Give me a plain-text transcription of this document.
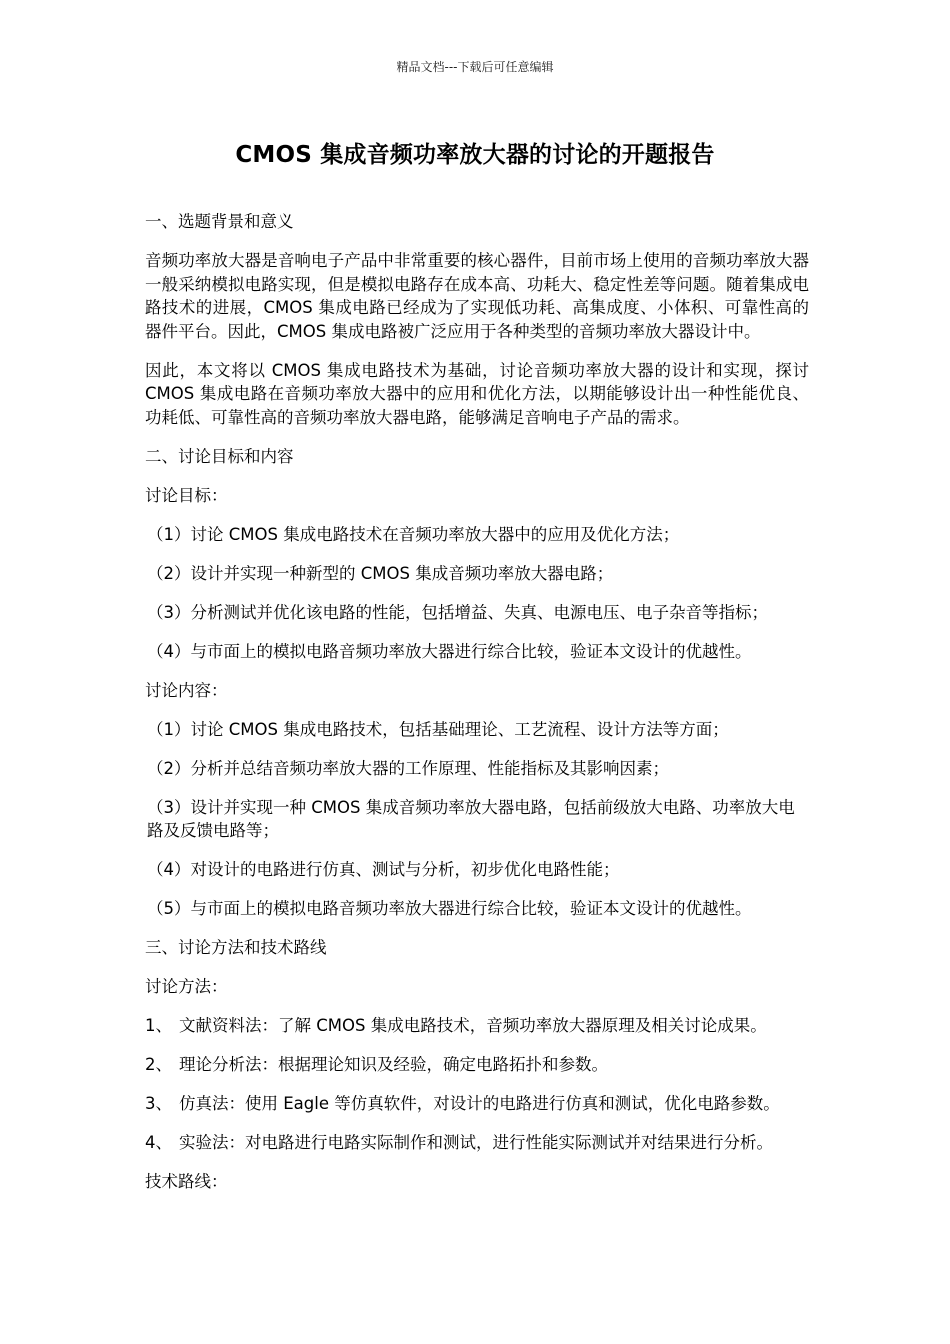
精品文档---下载后可任意编辑

CMOS 集成音频功率放大器的讨论的开题报告

一、选题背景和意义

音频功率放大器是音响电子产品中非常重要的核心器件，目前市场上使用的音频功率放大器一般采纳模拟电路实现，但是模拟电路存在成本高、功耗大、稳定性差等问题。随着集成电路技术的进展，CMOS 集成电路已经成为了实现低功耗、高集成度、小体积、可靠性高的器件平台。因此，CMOS 集成电路被广泛应用于各种类型的音频功率放大器设计中。

因此，本文将以 CMOS 集成电路技术为基础，讨论音频功率放大器的设计和实现，探讨 CMOS 集成电路在音频功率放大器中的应用和优化方法，以期能够设计出一种性能优良、功耗低、可靠性高的音频功率放大器电路，能够满足音响电子产品的需求。

二、讨论目标和内容

讨论目标：

（1）讨论 CMOS 集成电路技术在音频功率放大器中的应用及优化方法；

（2）设计并实现一种新型的 CMOS 集成音频功率放大器电路；

（3）分析测试并优化该电路的性能，包括增益、失真、电源电压、电子杂音等指标；

（4）与市面上的模拟电路音频功率放大器进行综合比较，验证本文设计的优越性。

讨论内容：

（1）讨论 CMOS 集成电路技术，包括基础理论、工艺流程、设计方法等方面；

（2）分析并总结音频功率放大器的工作原理、性能指标及其影响因素；

（3）设计并实现一种 CMOS 集成音频功率放大器电路，包括前级放大电路、功率放大电路及反馈电路等；

（4）对设计的电路进行仿真、测试与分析，初步优化电路性能；

（5）与市面上的模拟电路音频功率放大器进行综合比较，验证本文设计的优越性。

三、讨论方法和技术路线

讨论方法：

1、 文献资料法：了解 CMOS 集成电路技术，音频功率放大器原理及相关讨论成果。

2、 理论分析法：根据理论知识及经验，确定电路拓扑和参数。

3、 仿真法：使用 Eagle 等仿真软件，对设计的电路进行仿真和测试，优化电路参数。

4、 实验法：对电路进行电路实际制作和测试，进行性能实际测试并对结果进行分析。

技术路线：
